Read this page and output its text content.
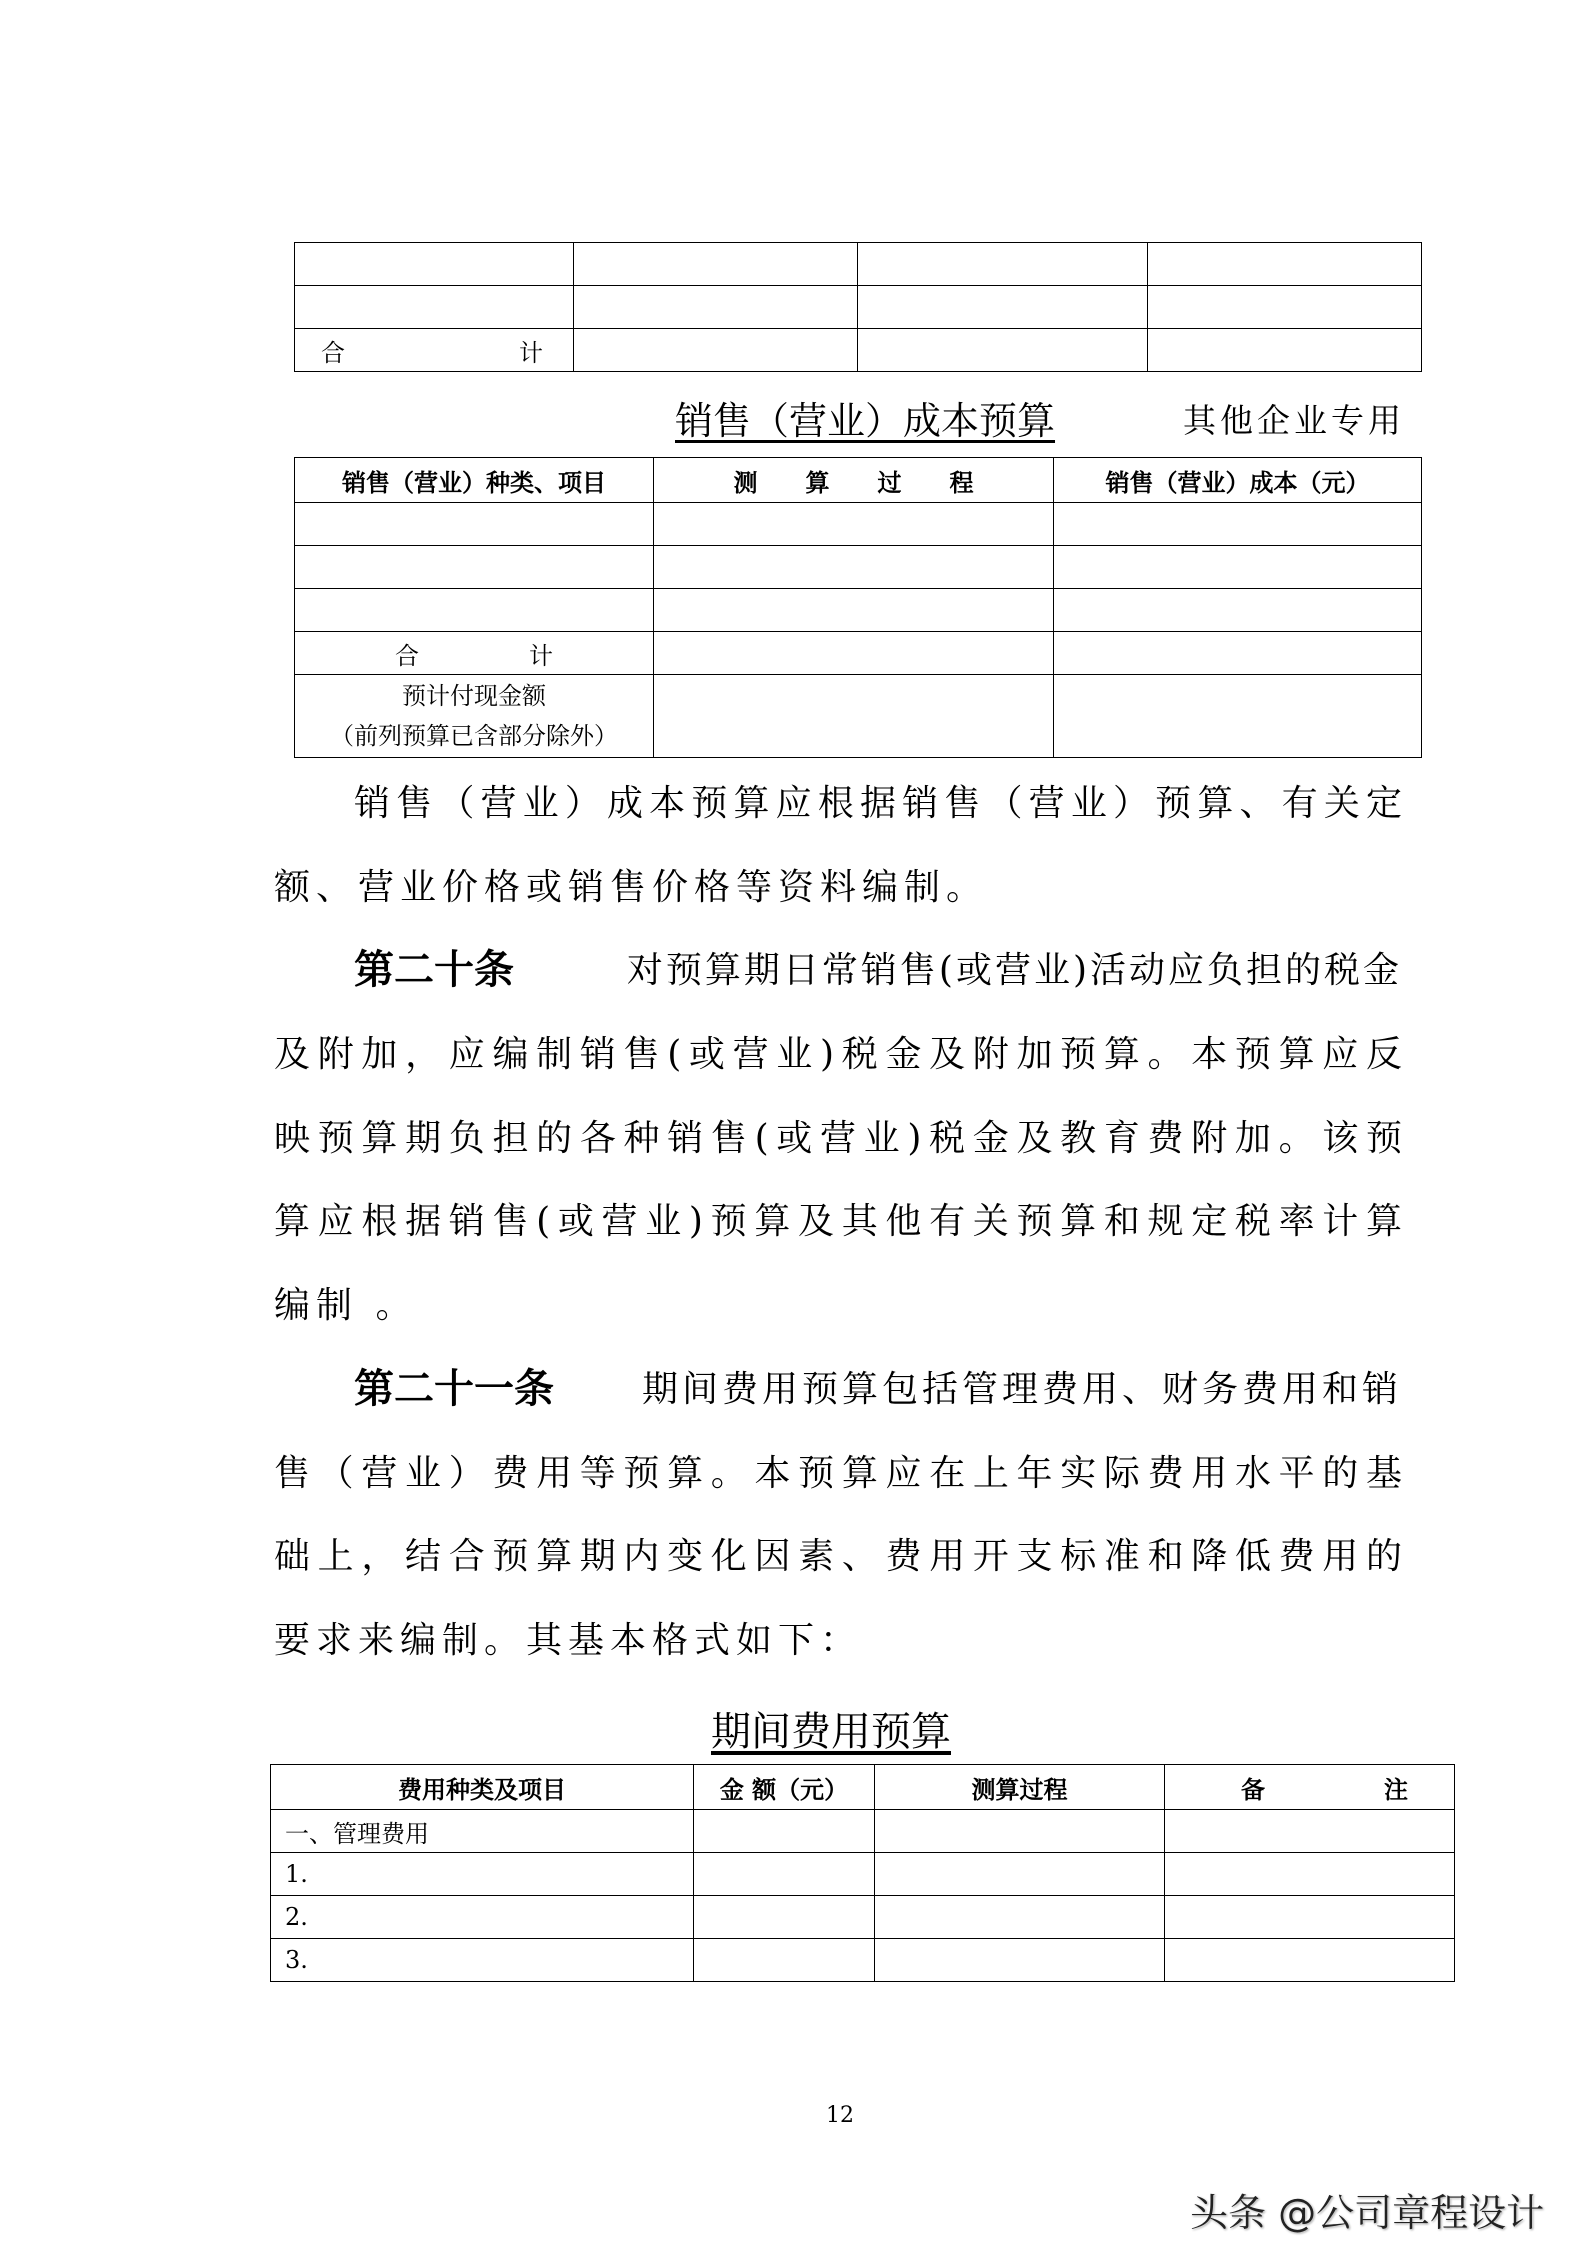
合 计			

销售（营业）成本预算	其他企业专用
销售（营业）种类、项目	测　　算　　过　　程	销售（营业）成本（元）

合 计		

预计付现金额
（前列预算已含部分除外）		

销售（营业）成本预算应根据销售（营业）预算、有关定
额、营业价格或销售价格等资料编制。
第二十条	对预算期日常销售(或营业)活动应负担的税金
及附加，应编制销售(或营业)税金及附加预算。本预算应反
映预算期负担的各种销售(或营业)税金及教育费附加。该预
算应根据销售(或营业)预算及其他有关预算和规定税率计算
编制 。
第二十一条 期间费用预算包括管理费用、财务费用和销
售（营业）费用等预算。本预算应在上年实际费用水平的基
础上，结合预算期内变化因素、费用开支标准和降低费用的
要求来编制。其基本格式如下：
期间费用预算
费用种类及项目	金 额（元）	测算过程	备 注

一、管理费用			
1.			
2.			
3.			
12
头条 @公司章程设计
